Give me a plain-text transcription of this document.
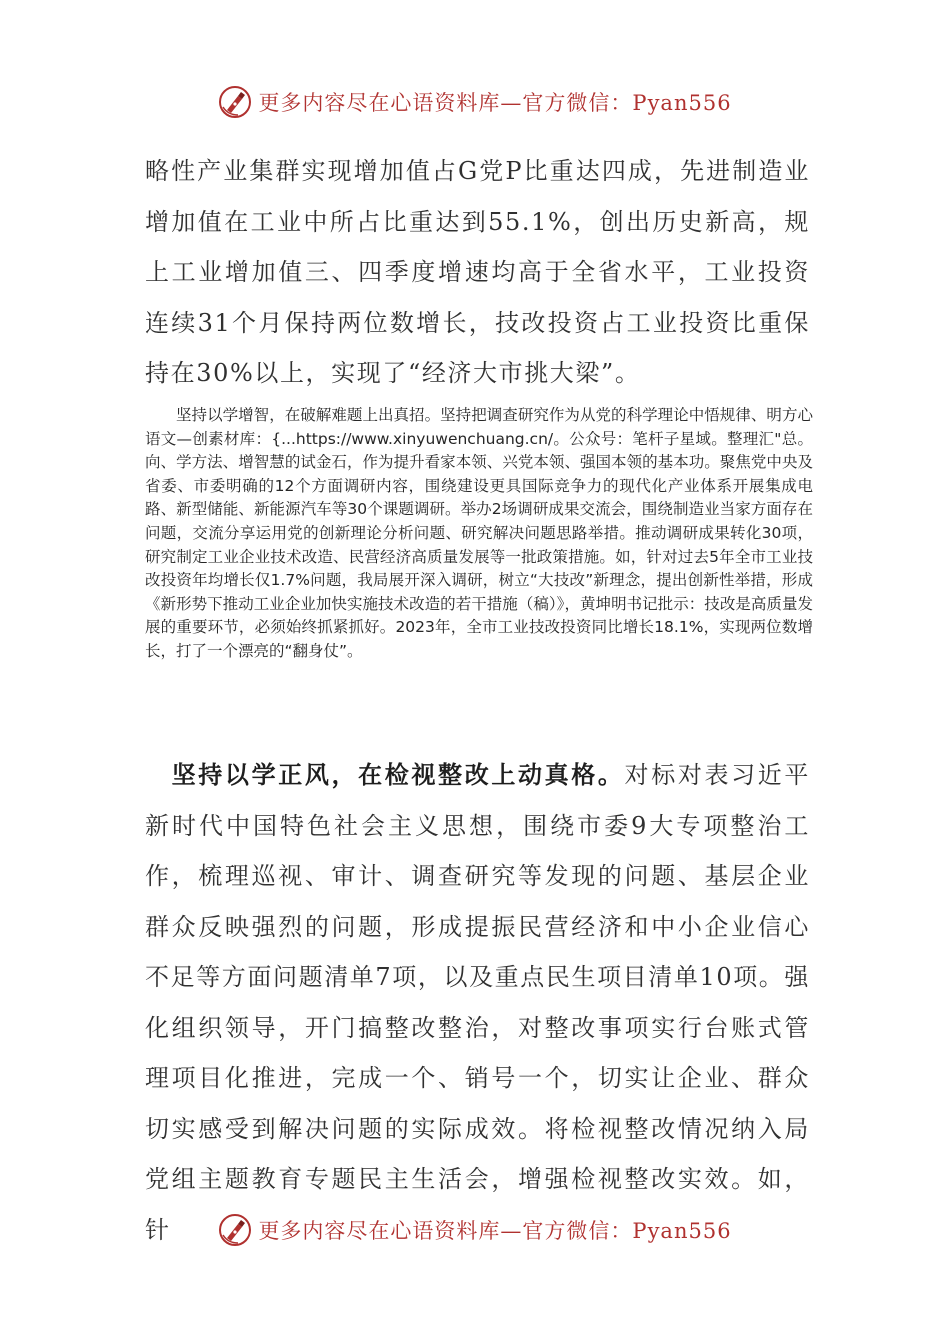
更多内容尽在心语资料库—官方微信：Pyan556

略性产业集群实现增加值占G党P比重达四成，先进制造业增加值在工业中所占比重达到55.1%，创出历史新高，规上工业增加值三、四季度增速均高于全省水平，工业投资连续31个月保持两位数增长，技改投资占工业投资比重保持在30%以上，实现了“经济大市挑大梁”。

坚持以学增智，在破解难题上出真招。坚持把调查研究作为从党的科学理论中悟规律、明方心语文—创素材库：{...https://www.xinyuwenchuang.cn/。公众号：笔杆子星域。整理汇"总。向、学方法、增智慧的试金石，作为提升看家本领、兴党本领、强国本领的基本功。聚焦党中央及省委、市委明确的12个方面调研内容，围绕建设更具国际竞争力的现代化产业体系开展集成电路、新型储能、新能源汽车等30个课题调研。举办2场调研成果交流会，围绕制造业当家方面存在问题，交流分享运用党的创新理论分析问题、研究解决问题思路举措。推动调研成果转化30项，研究制定工业企业技术改造、民营经济高质量发展等一批政策措施。如，针对过去5年全市工业技改投资年均增长仅1.7%问题，我局展开深入调研，树立“大技改”新理念，提出创新性举措，形成《新形势下推动工业企业加快实施技术改造的若干措施（稿）》，黄坤明书记批示：技改是高质量发展的重要环节，必须始终抓紧抓好。2023年，全市工业技改投资同比增长18.1%，实现两位数增长，打了一个漂亮的“翻身仗”。

 坚持以学正风，在检视整改上动真格。对标对表习近平新时代中国特色社会主义思想，围绕市委9大专项整治工作，梳理巡视、审计、调查研究等发现的问题、基层企业群众反映强烈的问题，形成提振民营经济和中小企业信心不足等方面问题清单7项，以及重点民生项目清单10项。强化组织领导，开门搞整改整治，对整改事项实行台账式管理项目化推进，完成一个、销号一个，切实让企业、群众切实感受到解决问题的实际成效。将检视整改情况纳入局党组主题教育专题民主生活会，增强检视整改实效。如，针	更多内容尽在心语资料库—官方微信：Pyan556
